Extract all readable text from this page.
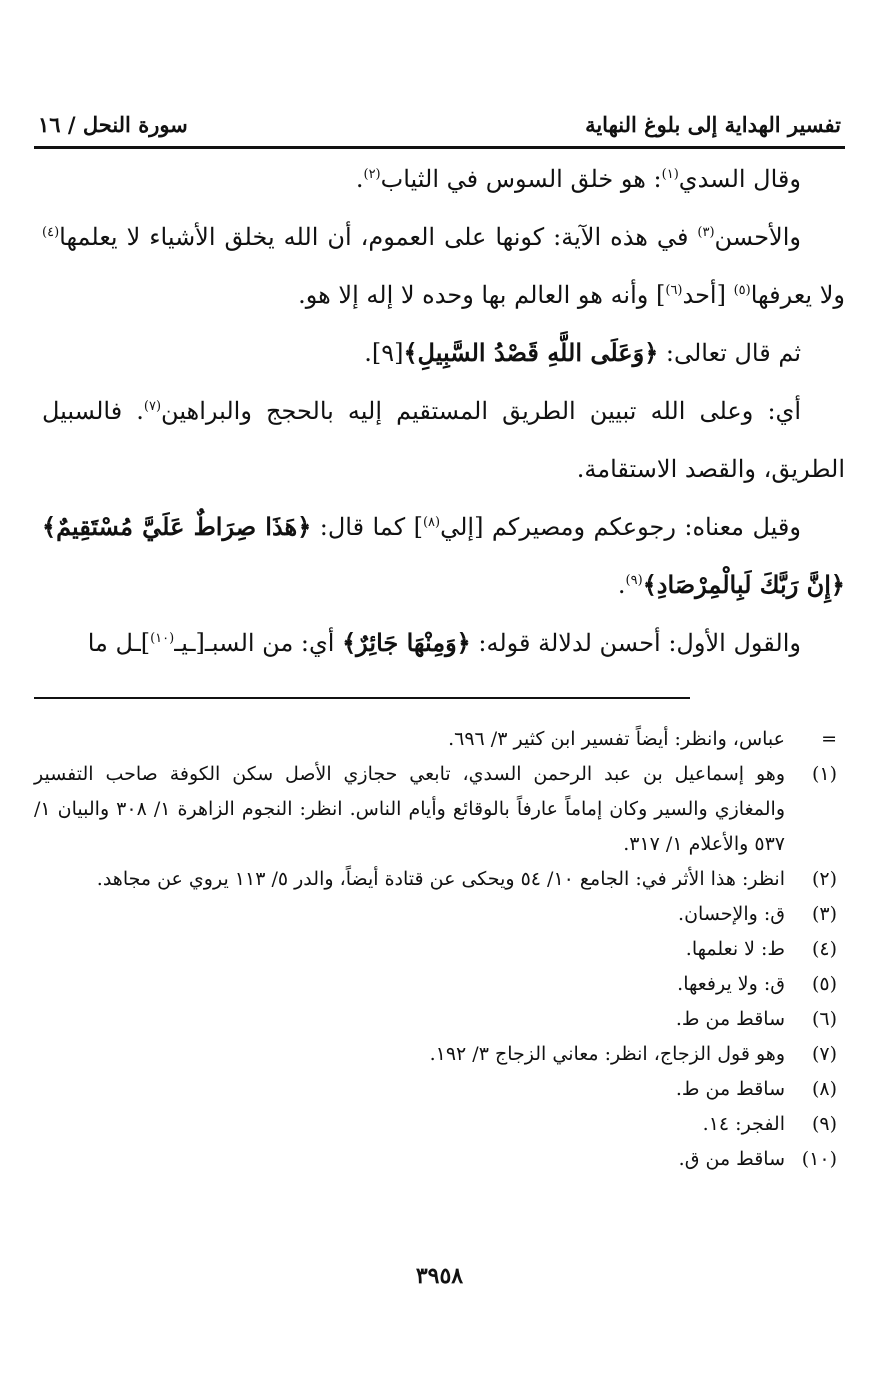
تفسير الهداية إلى بلوغ النهاية
سورة النحل / ١٦

وقال السدي$^{(١)}$: هو خلق السوس في الثياب$^{(٢)}$.

والأحسن$^{(٣)}$ في هذه الآية: كونها على العموم، أن الله يخلق الأشياء لا يعلمها$^{(٤)}$ ولا يعرفها$^{(٥)}$ [أحد$^{(٦)}$] وأنه هو العالم بها وحده لا إله إلا هو.

ثم قال تعالى: ﴿وَعَلَى اللَّهِ قَصْدُ السَّبِيلِ﴾[٩].

أي: وعلى الله تبيين الطريق المستقيم إليه بالحجج والبراهين$^{(٧)}$. فالسبيل الطريق، والقصد الاستقامة.

وقيل معناه: رجوعكم ومصيركم [إلي$^{(٨)}$] كما قال: ﴿هَذَا صِرَاطٌ عَلَيَّ مُسْتَقِيمٌ﴾ ﴿إِنَّ رَبَّكَ لَبِالْمِرْصَادِ﴾$^{(٩)}$.

والقول الأول: أحسن لدلالة قوله: ﴿وَمِنْهَا جَائِرٌ﴾ أي: من السبـ[ـيـ$^{(١٠)}$]ـل ما

=
عباس، وانظر: أيضاً تفسير ابن كثير ٣/ ٦٩٦.
(١)
وهو إسماعيل بن عبد الرحمن السدي، تابعي حجازي الأصل سكن الكوفة صاحب التفسير والمغازي والسير وكان إماماً عارفاً بالوقائع وأيام الناس. انظر: النجوم الزاهرة ١/ ٣٠٨ والبيان ١/ ٥٣٧ والأعلام ١/ ٣١٧.
(٢)
انظر: هذا الأثر في: الجامع ١٠/ ٥٤ ويحكى عن قتادة أيضاً، والدر ٥/ ١١٣ يروي عن مجاهد.
(٣)
ق: والإحسان.
(٤)
ط: لا نعلمها.
(٥)
ق: ولا يرفعها.
(٦)
ساقط من ط.
(٧)
وهو قول الزجاج، انظر: معاني الزجاج ٣/ ١٩٢.
(٨)
ساقط من ط.
(٩)
الفجر: ١٤.
(١٠)
ساقط من ق.
٣٩٥٨
